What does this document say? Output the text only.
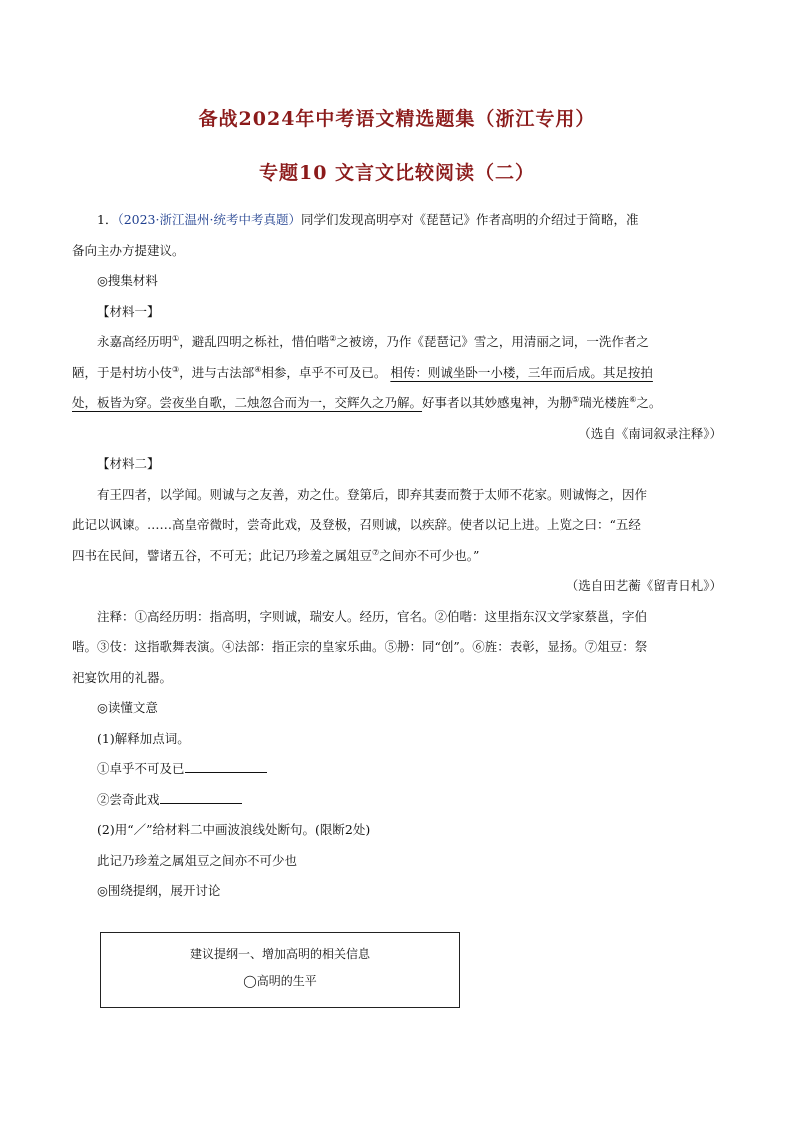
备战2024年中考语文精选题集（浙江专用）
专题10 文言文比较阅读（二）

1．（2023·浙江温州·统考中考真题）同学们发现高明亭对《琵琶记》作者高明的介绍过于简略，准

备向主办方提建议。

◎搜集材料

【材料一】

永嘉高经历明①，避乱四明之栎社，惜伯喈②之被谤，乃作《琵琶记》雪之，用清丽之词，一洗作者之

陋，于是村坊小伎③，进与古法部④相参，卓乎不可及已。 相传：则诚坐卧一小楼，三年而后成。其足按拍

处，板皆为穿。尝夜坐自歌，二烛忽合而为一，交辉久之乃解。好事者以其妙感鬼神，为刱⑤瑞光楼旌⑥之。

（选自《南词叙录注释》）

【材料二】

有王四者，以学闻。则诚与之友善，劝之仕。登第后，即弃其妻而赘于太师不花家。则诚悔之，因作

此记以讽谏。……高皇帝微时，尝奇此戏，及登极，召则诚，以疾辞。使者以记上进。上览之曰：“五经

四书在民间，譬诸五谷，不可无；此记乃珍羞之属俎豆⑦之间亦不可少也。”

（选自田艺蘅《留青日札》）

注释：①高经历明：指高明，字则诚，瑞安人。经历，官名。②伯喈：这里指东汉文学家蔡邕，字伯

喈。③伎：这指歌舞表演。④法部：指正宗的皇家乐曲。⑤刱：同“创”。⑥旌：表彰，显扬。⑦俎豆：祭

祀宴饮用的礼器。

◎读懂文意

(1)解释加点词。

①卓乎不可及已

②尝奇此戏

(2)用“／”给材料二中画波浪线处断句。(限断2处)

此记乃珍羞之属俎豆之间亦不可少也

◎围绕提纲，展开讨论

建议提纲一、增加高明的相关信息
◯高明的生平
